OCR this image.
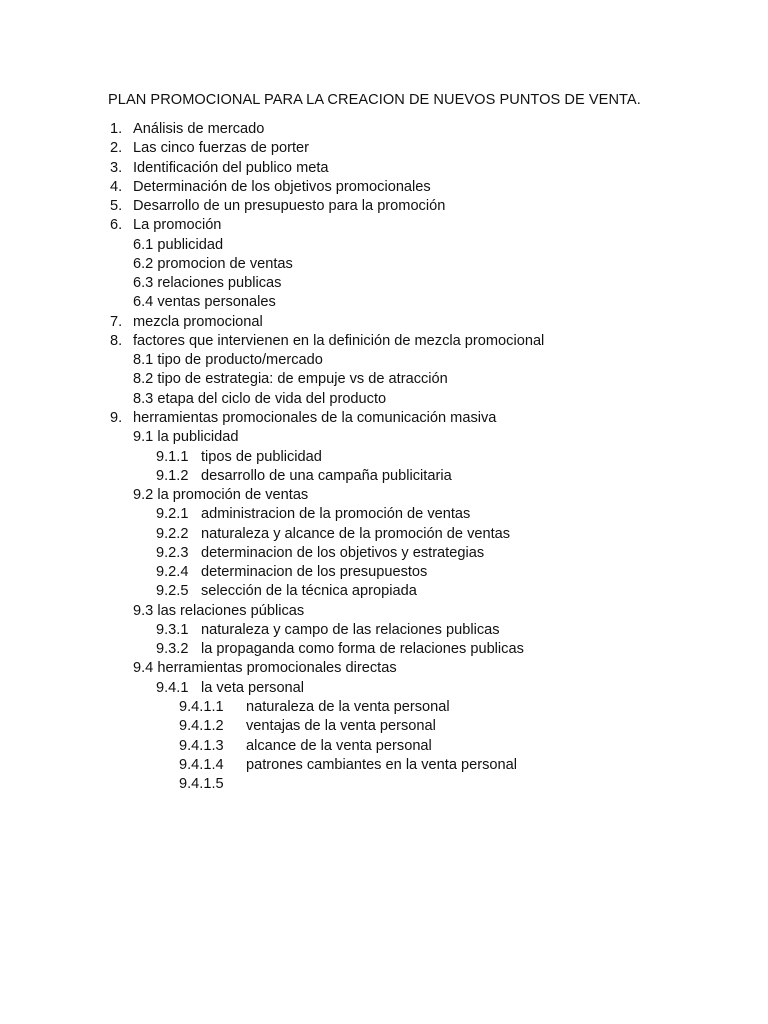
PLAN PROMOCIONAL PARA LA CREACION DE NUEVOS PUNTOS DE VENTA.
1. Análisis de mercado
2. Las cinco fuerzas de porter
3. Identificación del publico meta
4. Determinación de los objetivos promocionales
5. Desarrollo de un presupuesto para la promoción
6. La promoción
6.1 publicidad
6.2 promocion de ventas
6.3 relaciones publicas
6.4 ventas personales
7. mezcla promocional
8. factores que intervienen en la definición de mezcla promocional
8.1 tipo de producto/mercado
8.2 tipo de estrategia: de empuje vs de atracción
8.3 etapa del ciclo de vida del producto
9. herramientas promocionales de la comunicación masiva
9.1 la publicidad
9.1.1 tipos de publicidad
9.1.2 desarrollo de una campaña publicitaria
9.2 la promoción de ventas
9.2.1 administracion de la promoción de ventas
9.2.2 naturaleza y alcance de la promoción de ventas
9.2.3 determinacion de los objetivos y estrategias
9.2.4 determinacion de los presupuestos
9.2.5 selección de la técnica apropiada
9.3 las relaciones públicas
9.3.1 naturaleza y campo de las relaciones publicas
9.3.2 la propaganda como forma de relaciones publicas
9.4 herramientas promocionales directas
9.4.1 la veta personal
9.4.1.1 naturaleza de la venta personal
9.4.1.2 ventajas de la venta personal
9.4.1.3 alcance de la venta personal
9.4.1.4 patrones cambiantes en la venta personal
9.4.1.5
